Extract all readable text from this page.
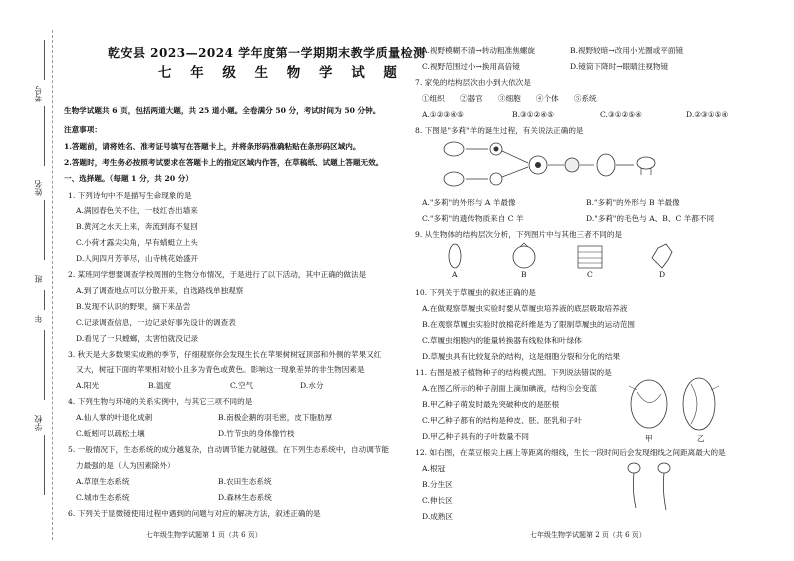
考号
姓名
班
年
学校
乾安县 2023—2024 学年度第一学期期末教学质量检测
七 年 级 生 物 学 试 题
生物学试题共 6 页，包括两道大题，共 25 道小题。全卷满分 50 分，考试时间为 50 分钟。
注意事项：
1.答题前，请将姓名、准考证号填写在答题卡上，并将条形码准确粘贴在条形码区域内。
2.答题时，考生务必按照考试要求在答题卡上的指定区域内作答，在草稿纸、试题上答题无效。
一、选择题。（每题 1 分，共 20 分）
1. 下列诗句中不是描写生命现象的是
A.满园春色关不住，一枝红杏出墙来
B.黄河之水天上来，奔流到海不复回
C.小荷才露尖尖角，早有蜻蜓立上头
D.人间四月芳菲尽，山寺桃花始盛开
2. 某班同学想要调查学校周围的生物分布情况，于是进行了以下活动，其中正确的做法是
A.到了调查地点可以分散开来，自选路线单独观察
B.发现不认识的野果，摘下来品尝
C.记录调查信息，一边记录好事先设计的调查表
D.看见了一只螳螂，太害怕就没记录
3. 秋天是大多数果实成熟的季节，仔细观察你会发现生长在苹果树树冠顶部和外侧的苹果又红
又大，树冠下面的苹果相对较小且多为青色或黄色。影响这一现象差异的非生物因素是
A.阳光	B.温度	C.空气	D.水分
4. 下列生物与环境的关系实例中，与其它三项不同的是
A.仙人掌的叶退化成刺	B.南极企鹅的羽毛密，皮下脂肪厚
C.蚯蚓可以疏松土壤	D.竹节虫的身体像竹枝
5. 一般情况下，生态系统的成分越复杂，自动调节能力就越强。在下列生态系统中，自动调节能
力最强的是（人为因素除外）
A.草原生态系统	B.农田生态系统
C.城市生态系统	D.森林生态系统
6. 下列关于显微镜使用过程中遇到的问题与对应的解决方法，叙述正确的是
七年级生物学试题第 1 页（共 6 页）
A.视野模糊不清→转动粗准焦螺旋	B.视野较暗→改用小光圈或平面镜
C.视野范围过小→换用高倍镜	D.镜筒下降时→眼睛注视物镜
7. 家兔的结构层次由小到大依次是
①组织　　②器官　　③细胞　　④个体　　⑤系统
A.①②③④⑤	B.③①②④⑤	C.③①②⑤④	D.②③①⑤④
8. 下图是"多莉"羊的诞生过程，有关说法正确的是
A."多莉"的外形与 A 羊最像	B."多莉"的外形与 B 羊最像
C."多莉"的遗传物质来自 C 羊	D."多莉"的毛色与 A、B、C 羊都不同
9. 从生物体的结构层次分析，下列图片中与其他三者不同的是
A	B	C	D
10. 下列关于草履虫的叙述正确的是
A.在做观察草履虫实验时要从草履虫培养液的底层吸取培养液
B.在观察草履虫实验时放棉花纤维是为了限制草履虫的运动范围
C.草履虫细胞内的能量转换器有线粒体和叶绿体
D.草履虫具有比较复杂的结构，这是细胞分裂和分化的结果
11. 右图是被子植物种子的结构模式图。下列说法错误的是
A.在图乙所示的种子剖面上滴加碘液，结构⑤会变蓝
B.甲乙种子萌发时最先突破种皮的是胚根
C.甲乙种子都有的结构是种皮、胚、胚乳和子叶
D.甲乙种子具有的子叶数量不同	甲	乙
12. 如右图，在菜豆根尖上画上等距离的细线，生长一段时间后会发现细线之间距离最大的是
A.根冠
B.分生区
C.伸长区
D.成熟区
七年级生物学试题第 2 页（共 6 页）
